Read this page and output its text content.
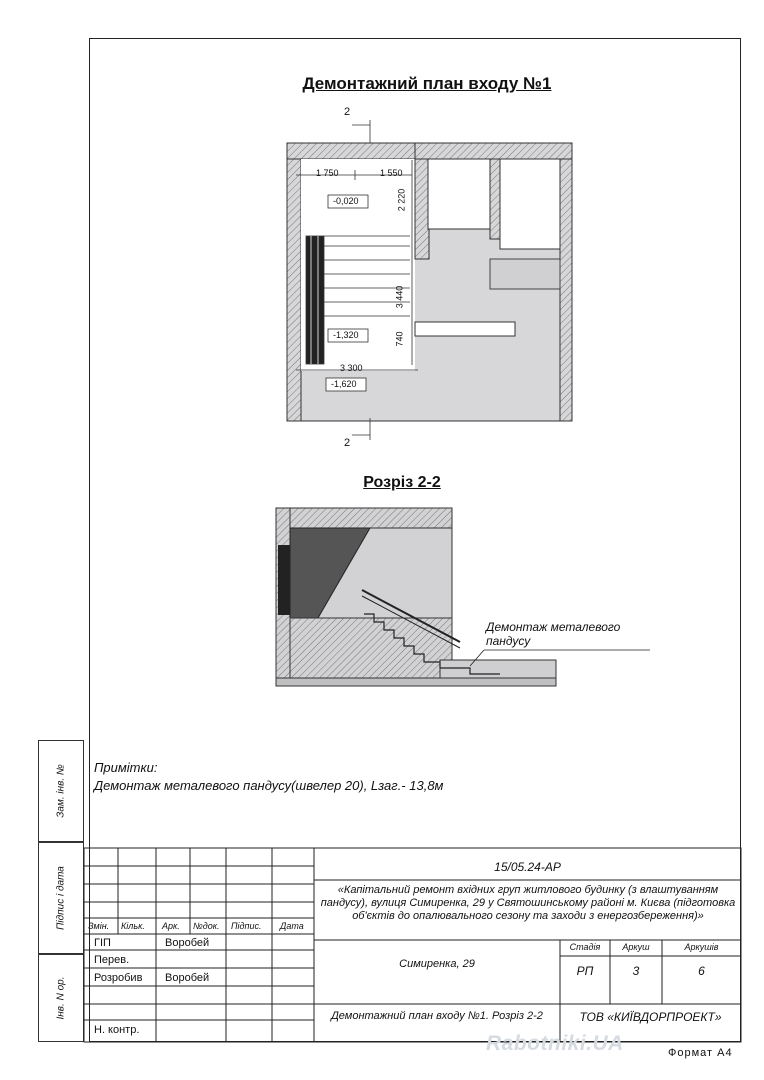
Демонтажний план входу №1
2
2
1 750	1 550
2 220
3 440
740
3 300
-0,020
-1,320
-1,620
Розріз 2-2
Демонтаж металевого пандусу
Примітки:
Демонтаж металевого пандусу(швелер 20), Lзаг.- 13,8м
Зам. інв. №
Підпис і дата
Інв. N ор.
15/05.24-АР
«Капітальний ремонт вхідних груп житлового будинку (з влаштуванням пандусу), вулиця Симиренка, 29 у Святошинському районі м. Києва (підготовка об'єктів до опалювального сезону та заходи з енергозбереження)»
Змін. Кільк. Арк. №док. Підпис. Дата
ГІП	Воробей
Перев.
Розробив Воробей
Н. контр.
Симиренка, 29
Стадія	Аркуш	Аркушів
РП	3	6
Демонтажний план входу №1. Розріз 2-2	ТОВ «КИЇВДОРПРОЕКТ»
Rabotniki.UA	Формат А4
